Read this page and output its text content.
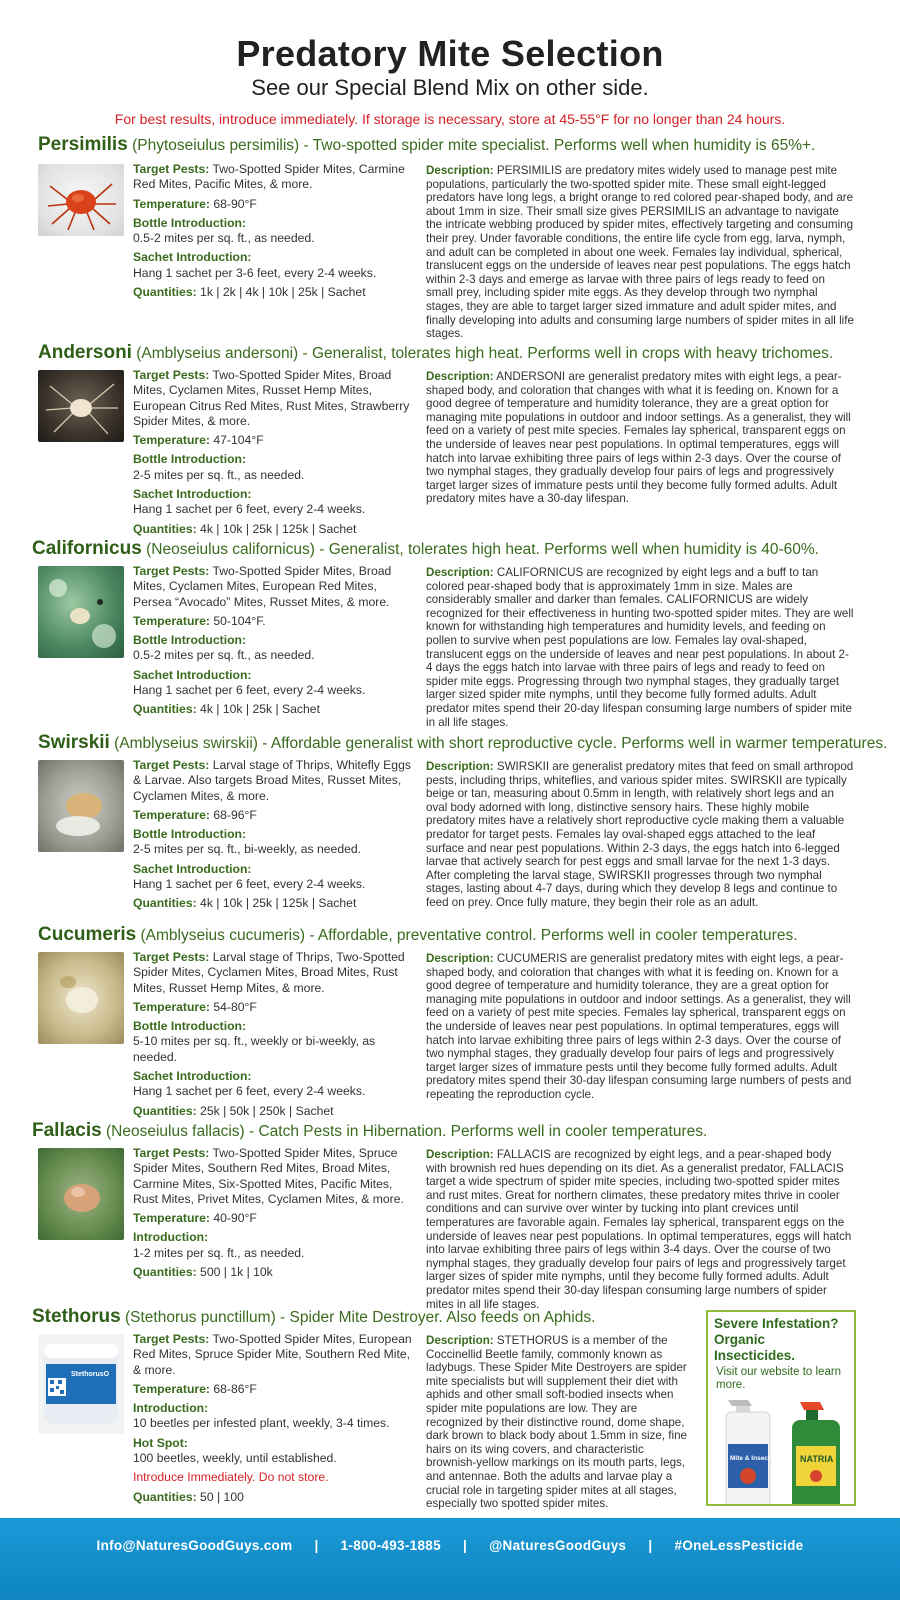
Predatory Mite Selection
See our Special Blend Mix on other side.
For best results, introduce immediately. If storage is necessary, store at 45-55°F for no longer than 24 hours.
Persimilis (Phytoseiulus persimilis) - Two-spotted spider mite specialist. Performs well when humidity is 65%+.
Target Pests: Two-Spotted Spider Mites, Carmine Red Mites, Pacific Mites, & more.
Temperature: 68-90°F
Bottle Introduction:
0.5-2 mites per sq. ft., as needed.
Sachet Introduction:
Hang 1 sachet per 3-6 feet, every 2-4 weeks.
Quantities: 1k | 2k | 4k | 10k | 25k | Sachet
Description: PERSIMILIS are predatory mites widely used to manage pest mite populations, particularly the two-spotted spider mite. These small eight-legged predators have long legs, a bright orange to red colored pear-shaped body, and are about 1mm in size. Their small size gives PERSIMILIS an advantage to navigate the intricate webbing produced by spider mites, effectively targeting and consuming their prey. Under favorable conditions, the entire life cycle from egg, larva, nymph, and adult can be completed in about one week. Females lay individual, spherical, translucent eggs on the underside of leaves near pest populations. The eggs hatch within 2-3 days and emerge as larvae with three pairs of legs ready to feed on small prey, including spider mite eggs. As they develop through two nymphal stages, they are able to target larger sized immature and adult spider mites, and finally developing into adults and consuming large numbers of spider mites in all life stages.
Andersoni (Amblyseius andersoni) - Generalist, tolerates high heat. Performs well in crops with heavy trichomes.
Target Pests: Two-Spotted Spider Mites, Broad Mites, Cyclamen Mites, Russet Hemp Mites, European Citrus Red Mites, Rust Mites, Strawberry Spider Mites, & more.
Temperature: 47-104°F
Bottle Introduction:
2-5 mites per sq. ft., as needed.
Sachet Introduction:
Hang 1 sachet per 6 feet, every 2-4 weeks.
Quantities: 4k | 10k | 25k | 125k | Sachet
Description: ANDERSONI are generalist predatory mites with eight legs, a pear-shaped body, and coloration that changes with what it is feeding on. Known for a good degree of temperature and humidity tolerance, they are a great option for managing mite populations in outdoor and indoor settings. As a generalist, they will feed on a variety of pest mite species. Females lay spherical, transparent eggs on the underside of leaves near pest populations. In optimal temperatures, eggs will hatch into larvae exhibiting three pairs of legs within 2-3 days. Over the course of two nymphal stages, they gradually develop four pairs of legs and progressively target larger sizes of immature pests until they become fully formed adults. Adult predatory mites have a 30-day lifespan.
Californicus (Neoseiulus californicus) - Generalist, tolerates high heat. Performs well when humidity is 40-60%.
Target Pests: Two-Spotted Spider Mites, Broad Mites, Cyclamen Mites, European Red Mites, Persea “Avocado” Mites, Russet Mites, & more.
Temperature: 50-104°F.
Bottle Introduction:
0.5-2 mites per sq. ft., as needed.
Sachet Introduction:
Hang 1 sachet per 6 feet, every 2-4 weeks.
Quantities: 4k | 10k | 25k | Sachet
Description: CALIFORNICUS are recognized by eight legs and a buff to tan colored pear-shaped body that is approximately 1mm in size. Males are considerably smaller and darker than females. CALIFORNICUS are widely recognized for their effectiveness in hunting two-spotted spider mites. They are well known for withstanding high temperatures and humidity levels, and feeding on pollen to survive when pest populations are low. Females lay oval-shaped, translucent eggs on the underside of leaves and near pest populations. In about 2-4 days the eggs hatch into larvae with three pairs of legs and ready to feed on spider mite eggs. Progressing through two nymphal stages, they gradually target larger sized spider mite nymphs, until they become fully formed adults. Adult predator mites spend their 20-day lifespan consuming large numbers of spider mite in all life stages.
Swirskii (Amblyseius swirskii) - Affordable generalist with short reproductive cycle. Performs well in warmer temperatures.
Target Pests: Larval stage of Thrips, Whitefly Eggs & Larvae. Also targets Broad Mites, Russet Mites, Cyclamen Mites, & more.
Temperature: 68-96°F
Bottle Introduction:
2-5 mites per sq. ft., bi-weekly, as needed.
Sachet Introduction:
Hang 1 sachet per 6 feet, every 2-4 weeks.
Quantities: 4k | 10k | 25k | 125k | Sachet
Description: SWIRSKII are generalist predatory mites that feed on small arthropod pests, including thrips, whiteflies, and various spider mites. SWIRSKII are typically beige or tan, measuring about 0.5mm in length, with relatively short legs and an oval body adorned with long, distinctive sensory hairs. These highly mobile predatory mites have a relatively short reproductive cycle making them a valuable predator for target pests. Females lay oval-shaped eggs attached to the leaf surface and near pest populations. Within 2-3 days, the eggs hatch into 6-legged larvae that actively search for pest eggs and small larvae for the next 1-3 days. After completing the larval stage, SWIRSKII progresses through two nymphal stages, lasting about 4-7 days, during which they develop 8 legs and continue to feed on prey. Once fully mature, they begin their role as an adult.
Cucumeris (Amblyseius cucumeris) - Affordable, preventative control. Performs well in cooler temperatures.
Target Pests: Larval stage of Thrips, Two-Spotted Spider Mites, Cyclamen Mites, Broad Mites, Rust Mites, Russet Hemp Mites, & more.
Temperature: 54-80°F
Bottle Introduction:
5-10 mites per sq. ft., weekly or bi-weekly, as needed.
Sachet Introduction:
Hang 1 sachet per 6 feet, every 2-4 weeks.
Quantities: 25k | 50k | 250k | Sachet
Description: CUCUMERIS are generalist predatory mites with eight legs, a pear-shaped body, and coloration that changes with what it is feeding on. Known for a good degree of temperature and humidity tolerance, they are a great option for managing mite populations in outdoor and indoor settings. As a generalist, they will feed on a variety of pest mite species. Females lay spherical, transparent eggs on the underside of leaves near pest populations. In optimal temperatures, eggs will hatch into larvae exhibiting three pairs of legs within 2-3 days. Over the course of two nymphal stages, they gradually develop four pairs of legs and progressively target larger sizes of immature pests until they become fully formed adults. Adult predatory mites spend their 30-day lifespan consuming large numbers of pests and repeating the reproduction cycle.
Fallacis (Neoseiulus fallacis) - Catch Pests in Hibernation. Performs well in cooler temperatures.
Target Pests: Two-Spotted Spider Mites, Spruce Spider Mites, Southern Red Mites, Broad Mites, Carmine Mites, Six-Spotted Mites, Pacific Mites, Rust Mites, Privet Mites, Cyclamen Mites, & more.
Temperature: 40-90°F
Introduction:
1-2 mites per sq. ft., as needed.
Quantities: 500 | 1k | 10k
Description: FALLACIS are recognized by eight legs, and a pear-shaped body with brownish red hues depending on its diet. As a generalist predator, FALLACIS target a wide spectrum of spider mite species, including two-spotted spider mites and rust mites. Great for northern climates, these predatory mites thrive in cooler conditions and can survive over winter by tucking into plant crevices until temperatures are favorable again. Females lay spherical, transparent eggs on the underside of leaves near pest populations. In optimal temperatures, eggs will hatch into larvae exhibiting three pairs of legs within 3-4 days. Over the course of two nymphal stages, they gradually develop four pairs of legs and progressively target larger sizes of spider mite nymphs, until they become fully formed adults. Adult predator mites spend their 30-day lifespan consuming large numbers of spider mites in all life stages.
Stethorus (Stethorus punctillum) - Spider Mite Destroyer. Also feeds on Aphids.
StethorusO
Target Pests: Two-Spotted Spider Mites, European Red Mites, Spruce Spider Mite, Southern Red Mite, & more.
Temperature: 68-86°F
Introduction:
10 beetles per infested plant, weekly, 3-4 times.
Hot Spot:
100 beetles, weekly, until established.
Introduce Immediately. Do not store.
Quantities: 50 | 100
Description: STETHORUS is a member of the Coccinellid Beetle family, commonly known as ladybugs. These Spider Mite Destroyers are spider mite specialists but will supplement their diet with aphids and other small soft-bodied insects when spider mite populations are low. They are recognized by their distinctive round, dome shape, dark brown to black body about 1.5mm in size, fine hairs on its wing covers, and characteristic brownish-yellow markings on its mouth parts, legs, and antennae. Both the adults and larvae play a crucial role in targeting spider mites at all stages, especially two spotted spider mites.
Severe Infestation?
Organic Insecticides.
Visit our website to learn more.
Mite & Insect	NATRIA
Info@NaturesGoodGuys.com | 1-800-493-1885 | @NaturesGoodGuys | #OneLessPesticide
